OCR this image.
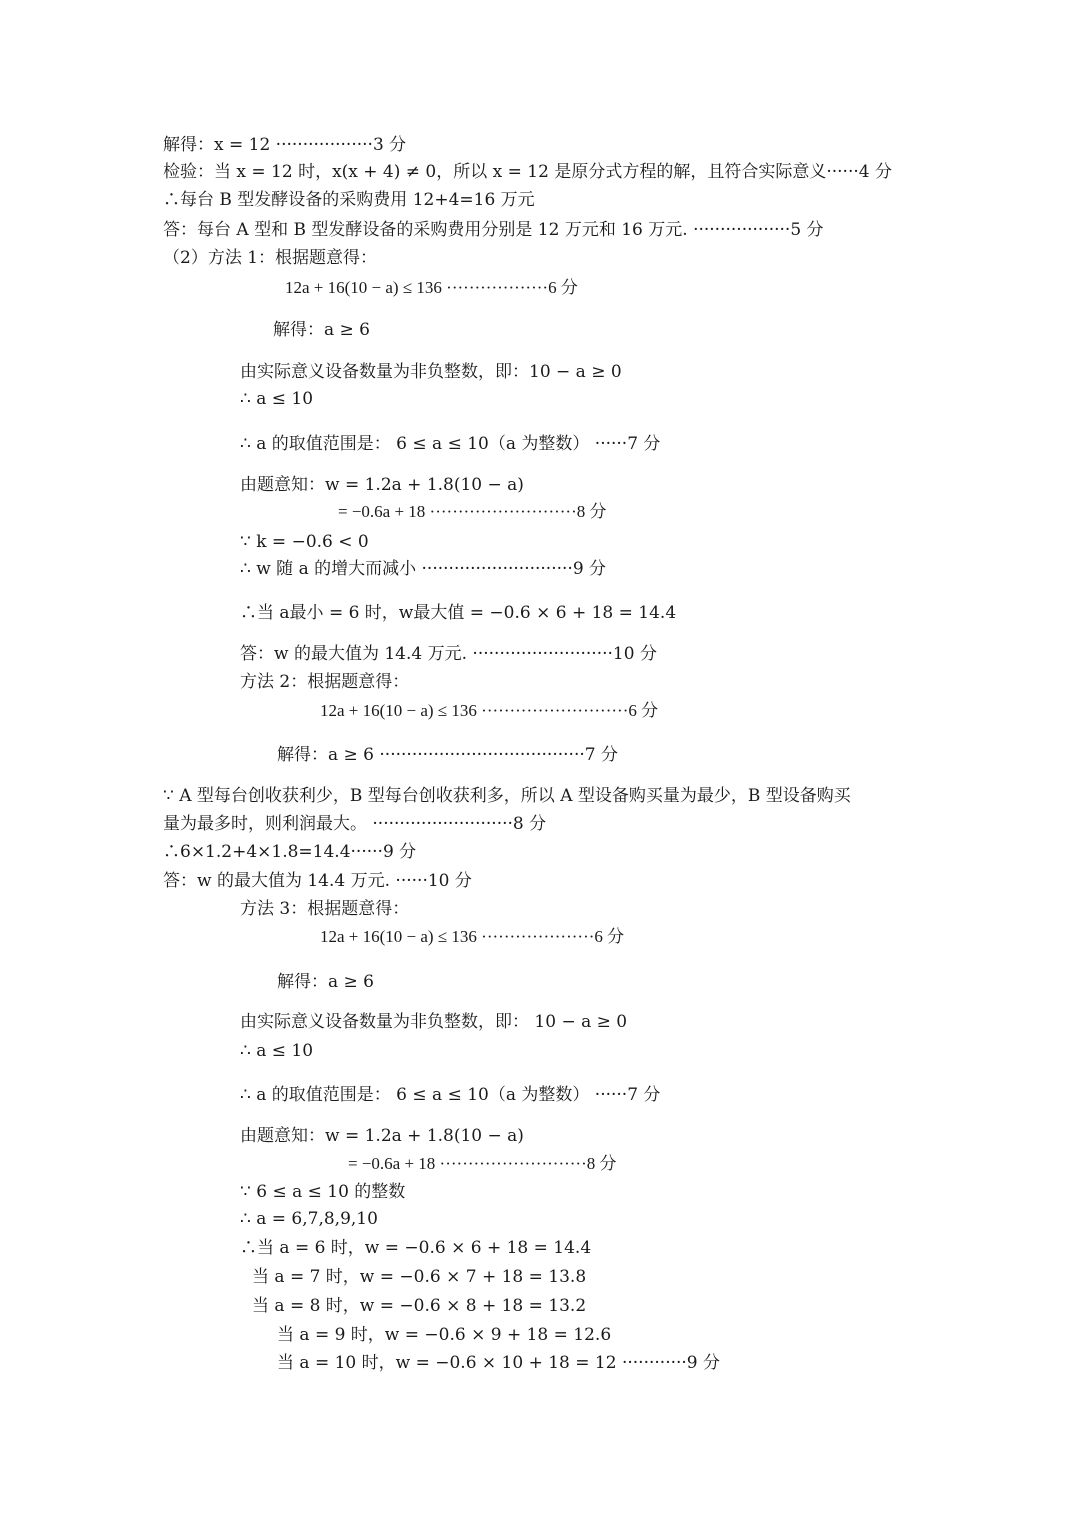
解得：x = 12 ··················3 分
检验：当 x = 12 时，x(x + 4) ≠ 0，所以 x = 12 是原分式方程的解，且符合实际意义······4 分
∴每台 B 型发酵设备的采购费用 12+4=16 万元
答：每台 A 型和 B 型发酵设备的采购费用分别是 12 万元和 16 万元. ··················5 分
（2）方法 1：根据题意得：
12a + 16(10 − a) ≤ 136 ··················6 分
解得：a ≥ 6
由实际意义设备数量为非负整数，即：10 − a ≥ 0
∴ a ≤ 10
∴ a 的取值范围是： 6 ≤ a ≤ 10（a 为整数） ······7 分
由题意知：w = 1.2a + 1.8(10 − a)
= −0.6a + 18 ··························8 分
∵ k = −0.6 < 0
∴ w 随 a 的增大而减小 ····························9 分
∴当 a最小 = 6 时，w最大值 = −0.6 × 6 + 18 = 14.4
答：w 的最大值为 14.4 万元. ··························10 分
方法 2：根据题意得：
12a + 16(10 − a) ≤ 136 ··························6 分
解得：a ≥ 6 ······································7 分
∵ A 型每台创收获利少，B 型每台创收获利多，所以 A 型设备购买量为最少，B 型设备购买
量为最多时，则利润最大。 ··························8 分
∴6×1.2+4×1.8=14.4······9 分
答：w 的最大值为 14.4 万元. ······10 分
方法 3：根据题意得：
12a + 16(10 − a) ≤ 136 ····················6 分
解得：a ≥ 6
由实际意义设备数量为非负整数，即： 10 − a ≥ 0
∴ a ≤ 10
∴ a 的取值范围是： 6 ≤ a ≤ 10（a 为整数） ······7 分
由题意知：w = 1.2a + 1.8(10 − a)
= −0.6a + 18 ··························8 分
∵ 6 ≤ a ≤ 10 的整数
∴ a = 6,7,8,9,10
∴当 a = 6 时，w = −0.6 × 6 + 18 = 14.4
当 a = 7 时，w = −0.6 × 7 + 18 = 13.8
当 a = 8 时，w = −0.6 × 8 + 18 = 13.2
当 a = 9 时，w = −0.6 × 9 + 18 = 12.6
当 a = 10 时，w = −0.6 × 10 + 18 = 12 ············9 分
